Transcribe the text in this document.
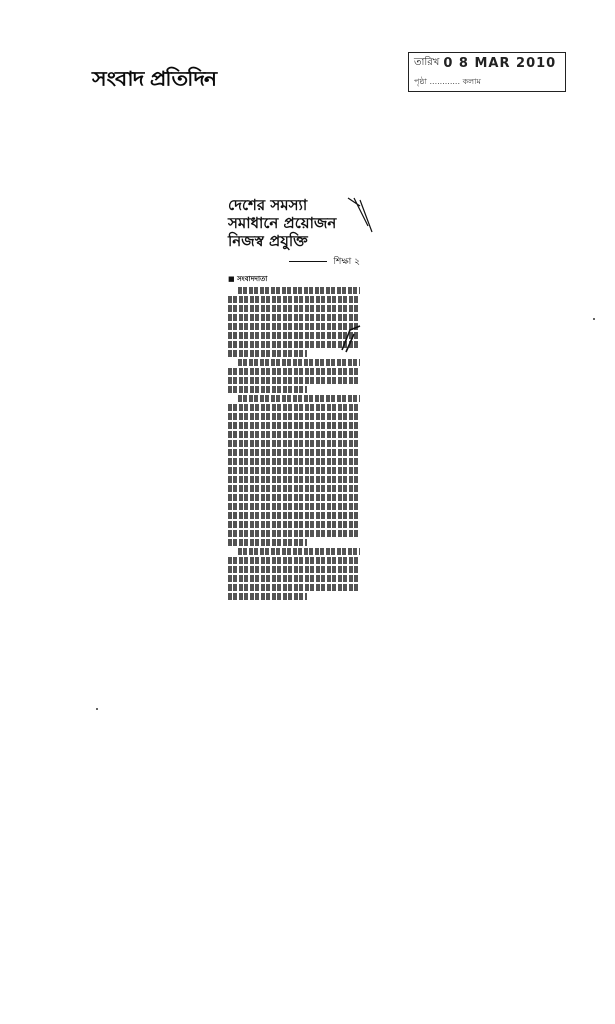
সংবাদ প্রতিদিন
তারিখ 0 8 MAR 2010
পৃষ্ঠা ............ কলাম
দেশের সমস্যা
সমাধানে প্রয়োজন
নিজস্ব প্রযুক্তি
শিক্ষা ২
■ সংবাদদাতা
